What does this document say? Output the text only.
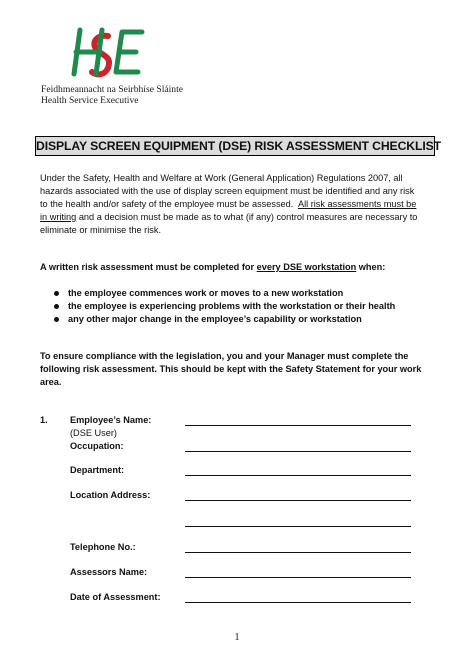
Feidhmeannacht na Seirbhíse Sláinte
Health Service Executive
DISPLAY SCREEN EQUIPMENT (DSE) RISK ASSESSMENT CHECKLIST
Under the Safety, Health and Welfare at Work (General Application) Regulations 2007, all
hazards associated with the use of display screen equipment must be identified and any risk
to the health and/or safety of the employee must be assessed. All risk assessments must be
in writing and a decision must be made as to what (if any) control measures are necessary to
eliminate or minimise the risk.
A written risk assessment must be completed for every DSE workstation when:
the employee commences work or moves to a new workstation
the employee is experiencing problems with the workstation or their health
any other major change in the employee’s capability or workstation
To ensure compliance with the legislation, you and your Manager must complete the
following risk assessment. This should be kept with the Safety Statement for your work
area.
1. Employee’s Name:
(DSE User)
Occupation:
Department:
Location Address:
Telephone No.:
Assessors Name:
Date of Assessment:
1
